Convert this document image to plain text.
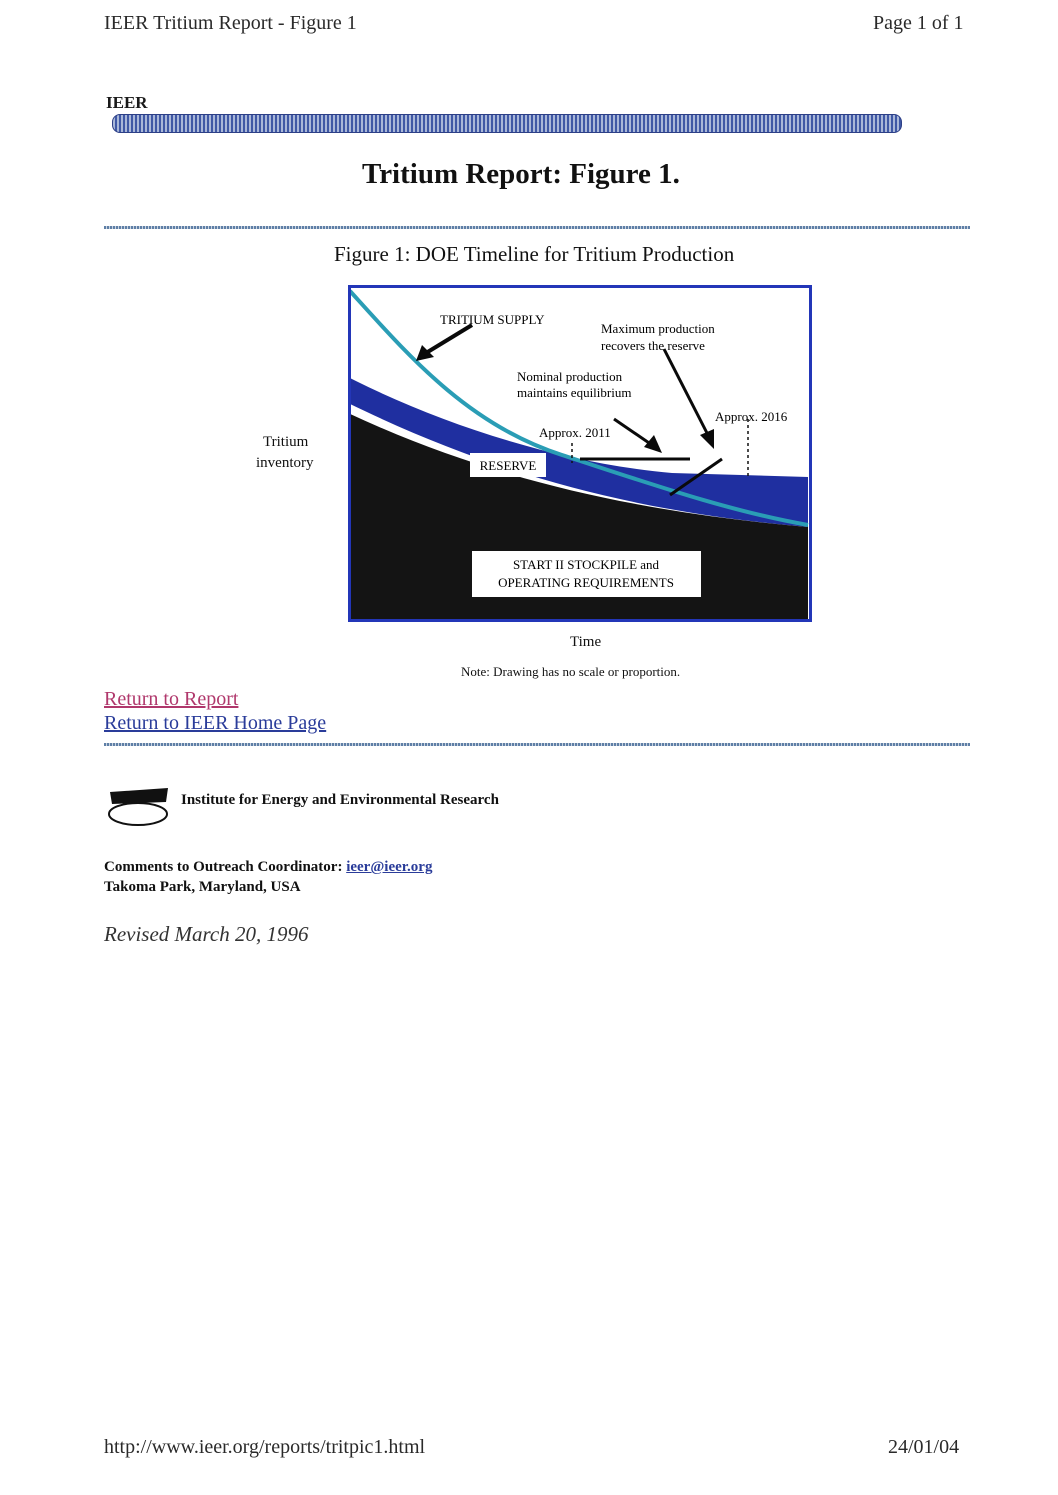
IEER Tritium Report - Figure 1	Page 1 of 1
IEER
Tritium Report: Figure 1.
Figure 1: DOE Timeline for Tritium Production
Tritium
inventory
TRITIUM SUPPLY
Maximum production
recovers the reserve
Nominal production
maintains equilibrium
Approx. 2011
Approx. 2016
RESERVE
START II STOCKPILE and
OPERATING REQUIREMENTS
Time
Note: Drawing has no scale or proportion.
Return to Report
Return to IEER Home Page
Institute for Energy and Environmental Research
Comments to Outreach Coordinator: ieer@ieer.org
Takoma Park, Maryland, USA
Revised March 20, 1996
http://www.ieer.org/reports/tritpic1.html	24/01/04
